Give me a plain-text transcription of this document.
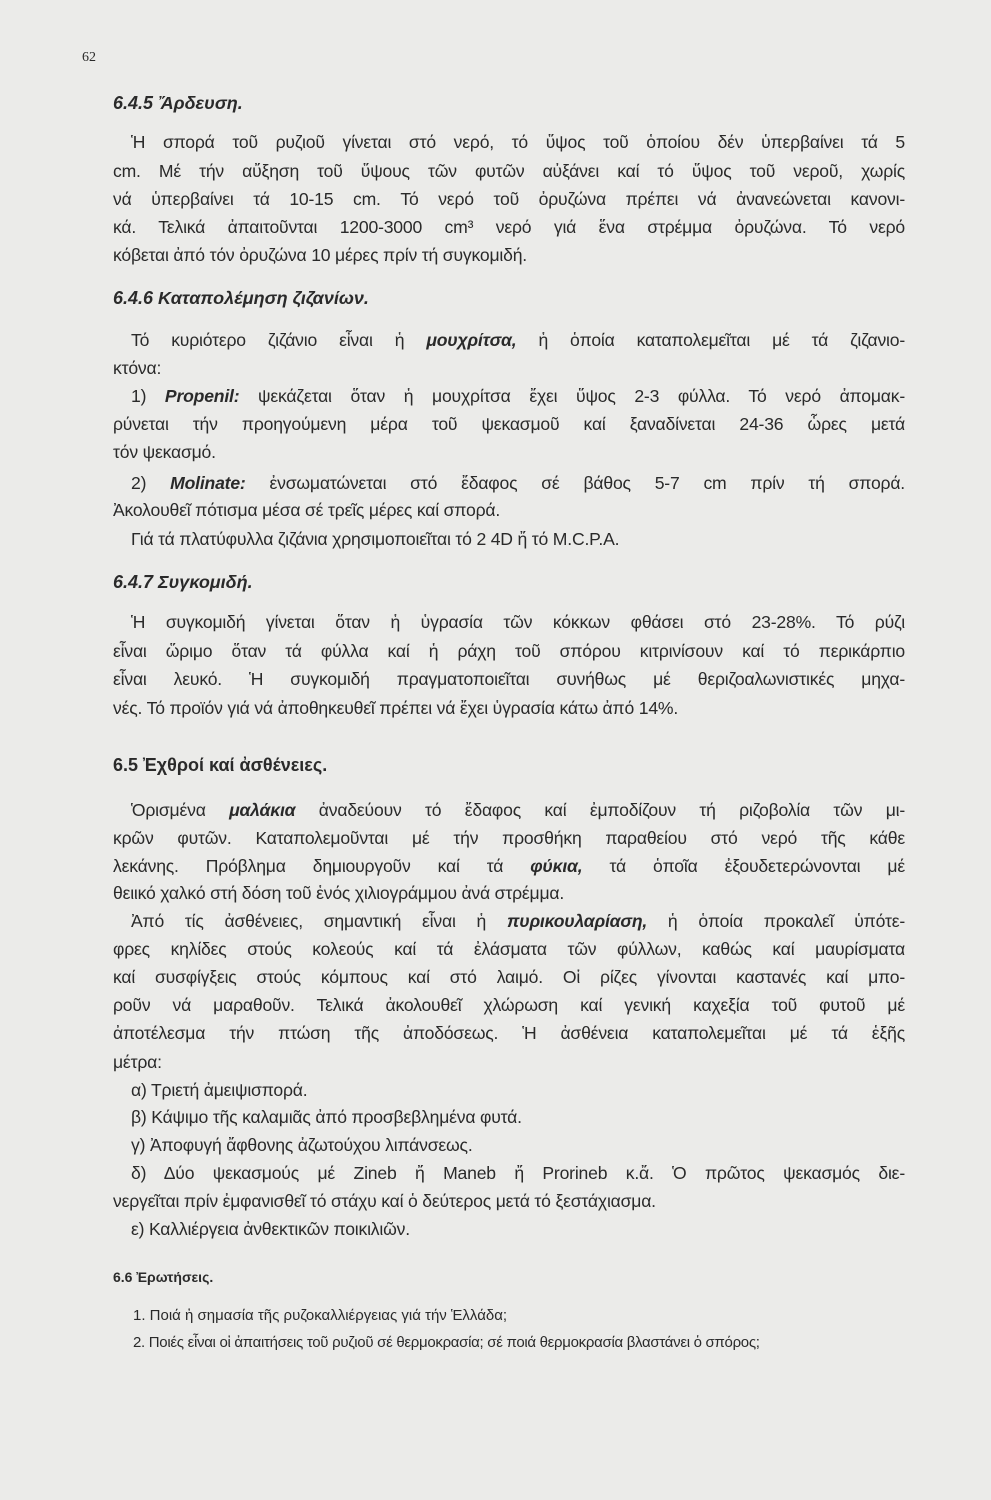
62
6.4.5 Ἄρδευση.
Ἡ σπορά τοῦ ρυζιοῦ γίνεται στό νερό, τό ὕψος τοῦ ὁποίου δέν ὑπερβαίνει τά 5
cm. Μέ τήν αὔξηση τοῦ ὕψους τῶν φυτῶν αὐξάνει καί τό ὕψος τοῦ νεροῦ, χωρίς
νά ὑπερβαίνει τά 10-15 cm. Τό νερό τοῦ ὀρυζώνα πρέπει νά ἀνανεώνεται κανονι-
κά. Τελικά ἀπαιτοῦνται 1200-3000 cm³ νερό γιά ἕνα στρέμμα ὀρυζώνα. Τό νερό
κόβεται ἀπό τόν ὀρυζώνα 10 μέρες πρίν τή συγκομιδή.
6.4.6 Καταπολέμηση ζιζανίων.
Τό κυριότερο ζιζάνιο εἶναι ἡ μουχρίτσα, ἡ ὁποία καταπολεμεῖται μέ τά ζιζανιο-
κτόνα:
1) Propenil: ψεκάζεται ὅταν ἡ μουχρίτσα ἔχει ὕψος 2-3 φύλλα. Τό νερό ἀπομακ-
ρύνεται τήν προηγούμενη μέρα τοῦ ψεκασμοῦ καί ξαναδίνεται 24-36 ὧρες μετά
τόν ψεκασμό.
2) Molinate: ἐνσωματώνεται στό ἔδαφος σέ βάθος 5-7 cm πρίν τή σπορά.
Ἀκολουθεῖ πότισμα μέσα σέ τρεῖς μέρες καί σπορά.
Γιά τά πλατύφυλλα ζιζάνια χρησιμοποιεῖται τό 2 4D ἤ τό M.C.P.A.
6.4.7 Συγκομιδή.
Ἡ συγκομιδή γίνεται ὅταν ἡ ὑγρασία τῶν κόκκων φθάσει στό 23-28%. Τό ρύζι
εἶναι ὥριμο ὅταν τά φύλλα καί ἡ ράχη τοῦ σπόρου κιτρινίσουν καί τό περικάρπιο
εἶναι λευκό. Ἡ συγκομιδή πραγματοποιεῖται συνήθως μέ θεριζοαλωνιστικές μηχα-
νές. Τό προϊόν γιά νά ἀποθηκευθεῖ πρέπει νά ἔχει ὑγρασία κάτω ἀπό 14%.
6.5 Ἐχθροί καί ἀσθένειες.
Ὁρισμένα μαλάκια ἀναδεύουν τό ἔδαφος καί ἐμποδίζουν τή ριζοβολία τῶν μι-
κρῶν φυτῶν. Καταπολεμοῦνται μέ τήν προσθήκη παραθείου στό νερό τῆς κάθε
λεκάνης. Πρόβλημα δημιουργοῦν καί τά φύκια, τά ὁποῖα ἐξουδετερώνονται μέ
θειικό χαλκό στή δόση τοῦ ἑνός χιλιογράμμου ἀνά στρέμμα.
Ἀπό τίς ἀσθένειες, σημαντική εἶναι ἡ πυρικουλαρίαση, ἡ ὁποία προκαλεῖ ὑπότε-
φρες κηλίδες στούς κολεούς καί τά ἐλάσματα τῶν φύλλων, καθώς καί μαυρίσματα
καί συσφίγξεις στούς κόμπους καί στό λαιμό. Οἱ ρίζες γίνονται καστανές καί μπο-
ροῦν νά μαραθοῦν. Τελικά ἀκολουθεῖ χλώρωση καί γενική καχεξία τοῦ φυτοῦ μέ
ἀποτέλεσμα τήν πτώση τῆς ἀποδόσεως. Ἡ ἀσθένεια καταπολεμεῖται μέ τά ἑξῆς
μέτρα:
α) Τριετή ἀμειψισπορά.
β) Κάψιμο τῆς καλαμιᾶς ἀπό προσβεβλημένα φυτά.
γ) Ἀποφυγή ἄφθονης ἀζωτούχου λιπάνσεως.
δ) Δύο ψεκασμούς μέ Zineb ἤ Maneb ἤ Prorineb κ.ἄ. Ὁ πρῶτος ψεκασμός διε-
νεργεῖται πρίν ἐμφανισθεῖ τό στάχυ καί ὁ δεύτερος μετά τό ξεστάχιασμα.
ε) Καλλιέργεια ἀνθεκτικῶν ποικιλιῶν.
6.6 Ἐρωτήσεις.
1. Ποιά ἡ σημασία τῆς ρυζοκαλλιέργειας γιά τήν Ἑλλάδα;
2. Ποιές εἶναι οἱ ἀπαιτήσεις τοῦ ρυζιοῦ σέ θερμοκρασία; σέ ποιά θερμοκρασία βλαστάνει ὁ σπόρος;
